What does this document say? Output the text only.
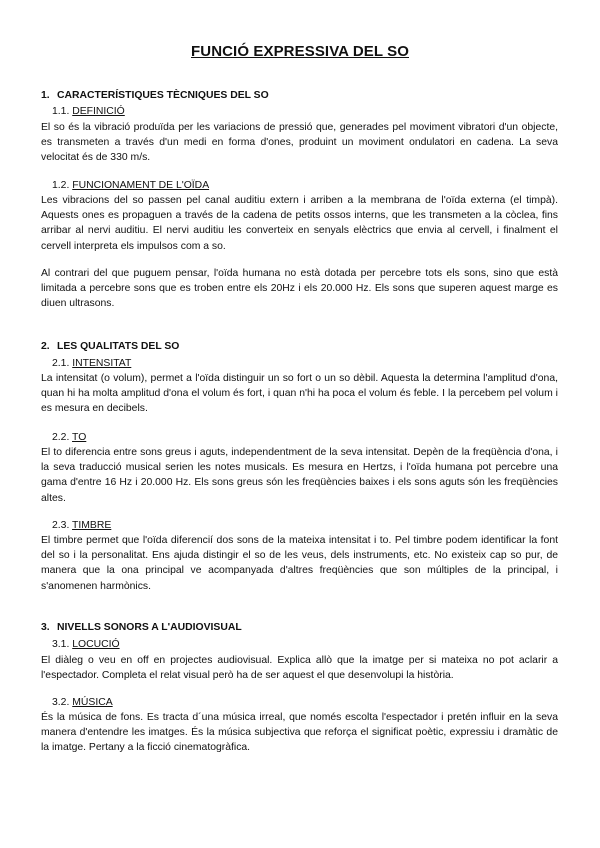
FUNCIÓ EXPRESSIVA DEL SO
1. CARACTERÍSTIQUES TÈCNIQUES DEL SO
1.1. DEFINICIÓ
El so és la vibració produïda per les variacions de pressió que, generades pel moviment vibratori d'un objecte, es transmeten a través d'un medi en forma d'ones, produint un moviment ondulatori en cadena. La seva velocitat és de 330 m/s.
1.2. FUNCIONAMENT DE L'OÏDA
Les vibracions del so passen pel canal auditiu extern i arriben a la membrana de l'oïda externa (el timpà). Aquests ones es propaguen a través de la cadena de petits ossos interns, que les transmeten a la còclea, fins arribar al nervi auditiu. El nervi auditiu les converteix en senyals elèctrics que envia al cervell, i finalment el cervell interpreta els impulsos com a so.
Al contrari del que puguem pensar, l'oïda humana no està dotada per percebre tots els sons, sino que està limitada a percebre sons que es troben entre els 20Hz i els 20.000 Hz. Els sons que superen aquest marge es diuen ultrasons.
2. LES QUALITATS DEL SO
2.1. INTENSITAT
La intensitat (o volum), permet a l'oïda distinguir un so fort o un so dèbil. Aquesta la determina l'amplitud d'ona, quan hi ha molta amplitud d'ona el volum és fort, i quan n'hi ha poca el volum és feble. I la percebem pel volum i es mesura en decibels.
2.2. TO
El to diferencia entre sons greus i aguts, independentment de la seva intensitat. Depèn de la freqüència d'ona, i la seva traducció musical serien les notes musicals. Es mesura en Hertzs, i l'oïda humana pot percebre una gama d'entre 16 Hz i 20.000 Hz. Els sons greus són les freqüències baixes i els sons aguts són les freqüències altes.
2.3. TIMBRE
El timbre permet que l'oïda diferencií dos sons de la mateixa intensitat i to. Pel timbre podem identificar la font del so i la personalitat. Ens ajuda distingir el so de les veus, dels instruments, etc. No existeix cap so pur, de manera que la ona principal ve acompanyada d'altres freqüències que son múltiples de la principal, i s'anomenen harmònics.
3. NIVELLS SONORS A L'AUDIOVISUAL
3.1. LOCUCIÓ
El diàleg o veu en off en projectes audiovisual. Explica allò que la imatge per si mateixa no pot aclarir a l'espectador. Completa el relat visual però ha de ser aquest el que desenvolupi la història.
3.2. MÚSICA
És la música de fons. Es tracta d´una música irreal, que només escolta l'espectador i pretén influir en la seva manera d'entendre les imatges. És la música subjectiva que reforça el significat poètic, expressiu i dramàtic de la imatge. Pertany a la ficció cinematogràfica.
